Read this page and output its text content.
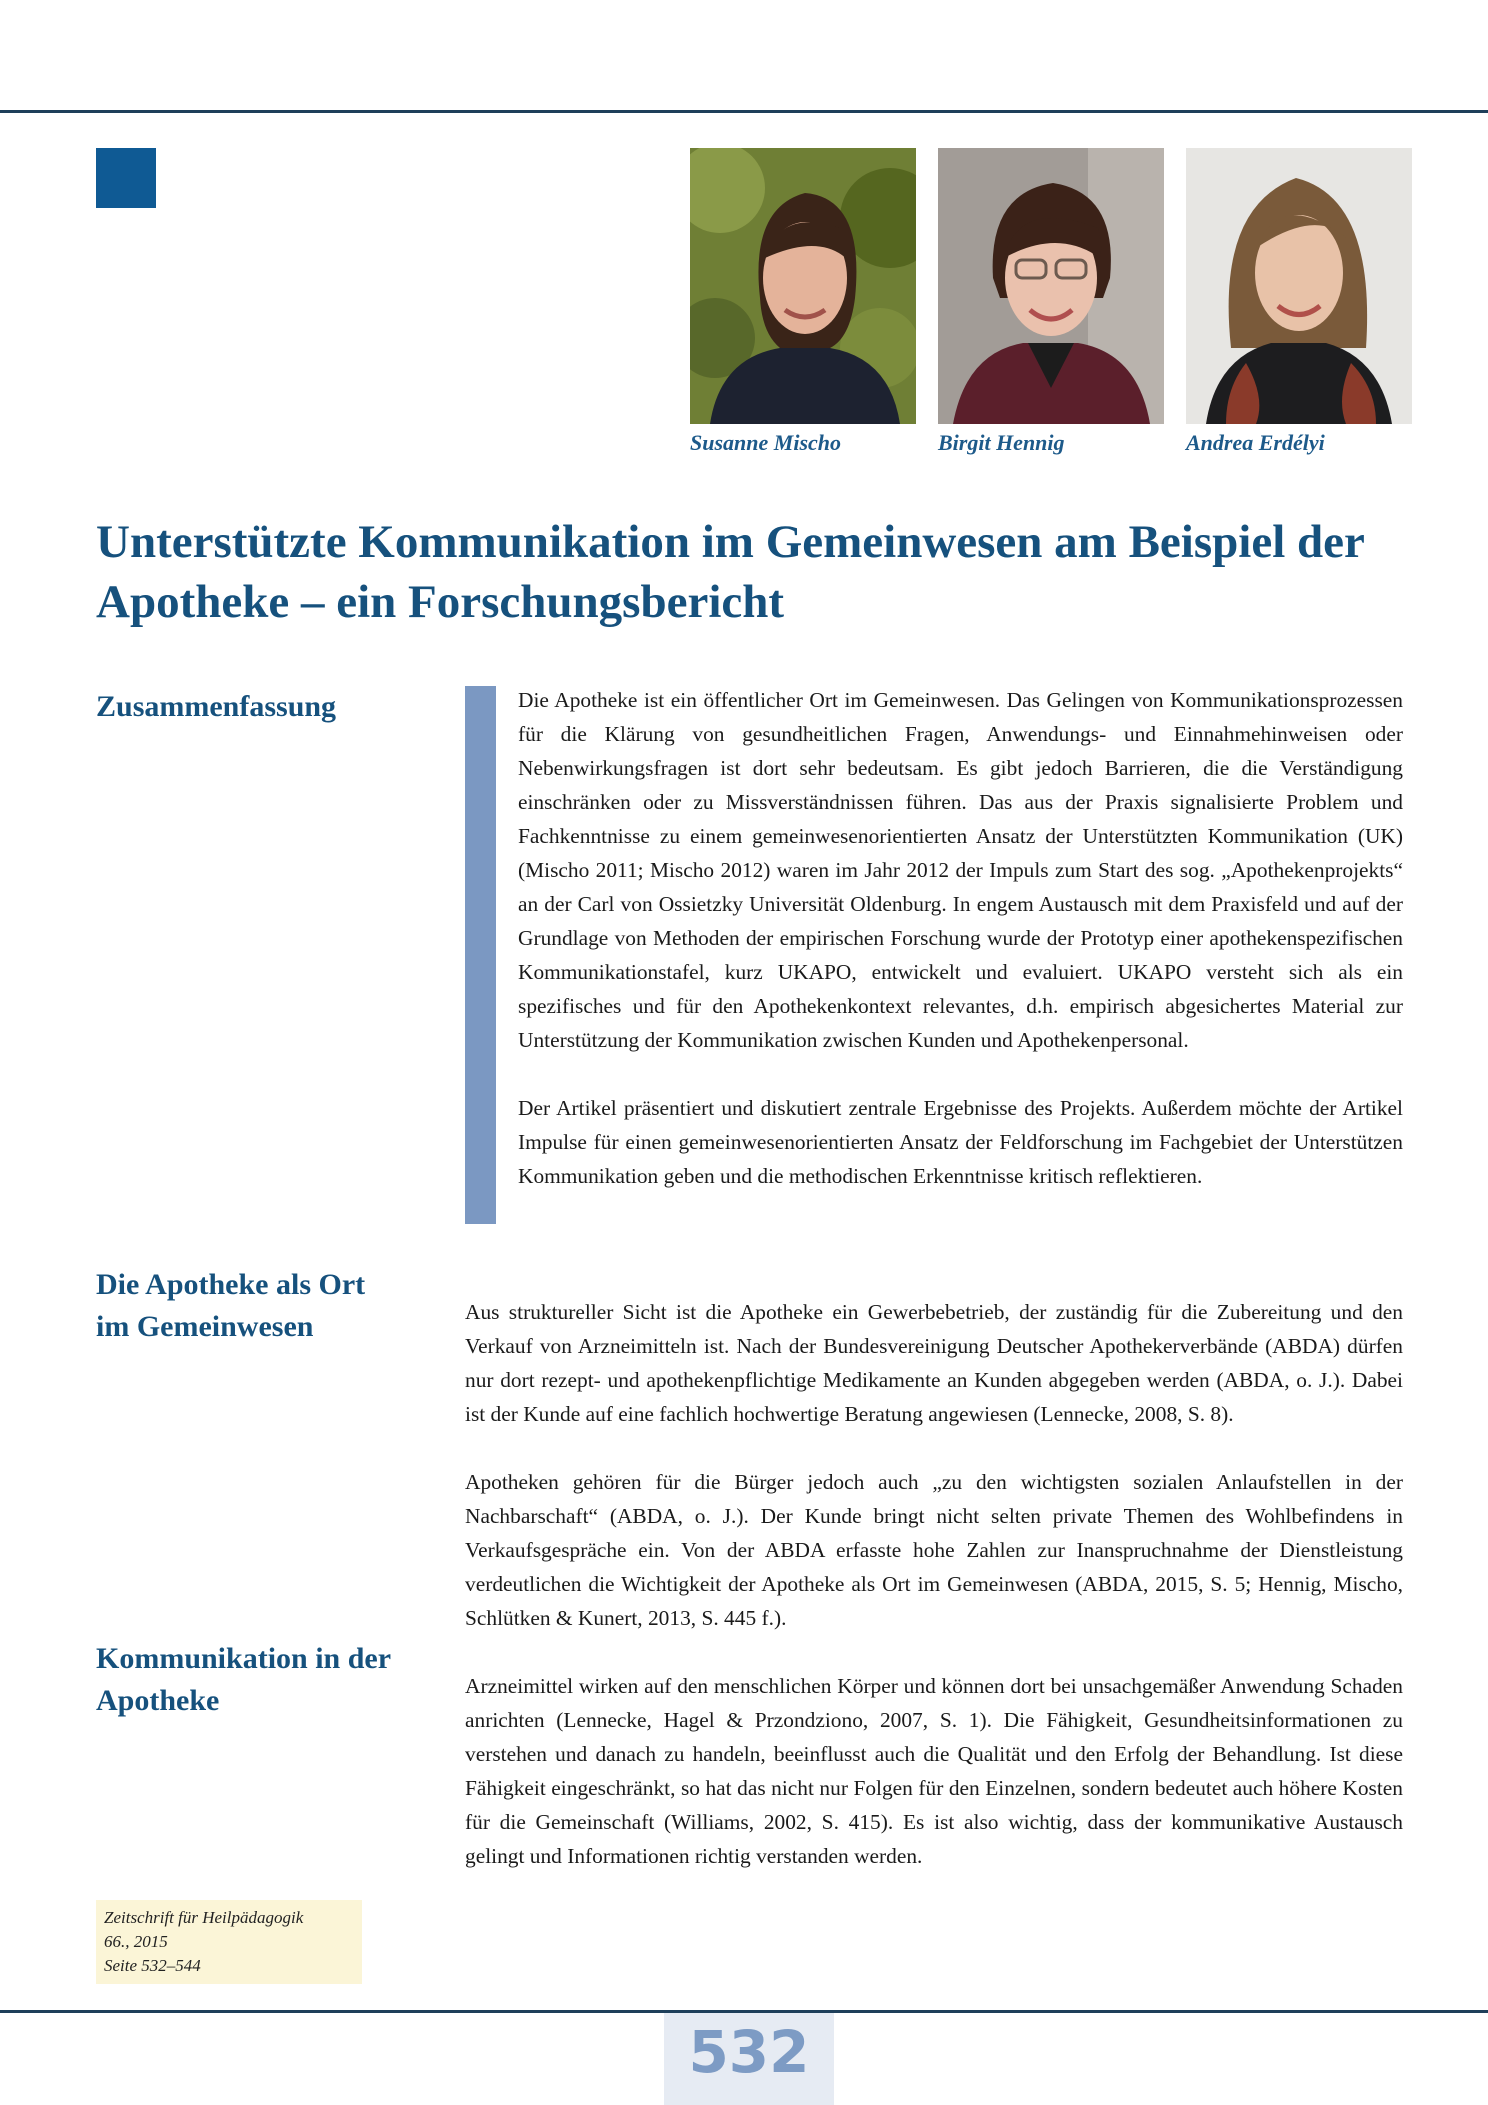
Susanne Mischo	Birgit Hennig	Andrea Erdélyi
Unterstützte Kommunikation im Gemeinwesen am Beispiel der Apotheke – ein Forschungsbericht
Zusammenfassung
Die Apotheke als Ort im Gemeinwesen
Kommunikation in der Apotheke

Die Apotheke ist ein öffentlicher Ort im Gemeinwesen. Das Gelingen von Kommunikationsprozessen für die Klärung von gesundheitlichen Fragen, Anwendungs- und Einnahmehinweisen oder Nebenwirkungsfragen ist dort sehr bedeutsam. Es gibt jedoch Barrieren, die die Verständigung einschränken oder zu Missverständnissen führen. Das aus der Praxis signalisierte Problem und Fachkenntnisse zu einem gemeinwesenorientierten Ansatz der Unterstützten Kommunikation (UK) (Mischo 2011; Mischo 2012) waren im Jahr 2012 der Impuls zum Start des sog. „Apothekenprojekts“ an der Carl von Ossietzky Universität Oldenburg. In engem Austausch mit dem Praxisfeld und auf der Grundlage von Methoden der empirischen Forschung wurde der Prototyp einer apothekenspezifischen Kommunikationstafel, kurz UKAPO, entwickelt und evaluiert. UKAPO versteht sich als ein spezifisches und für den Apothekenkontext relevantes, d.h. empirisch abgesichertes Material zur Unterstützung der Kommunikation zwischen Kunden und Apothekenpersonal.

Der Artikel präsentiert und diskutiert zentrale Ergebnisse des Projekts. Außerdem möchte der Artikel Impulse für einen gemeinwesenorientierten Ansatz der Feldforschung im Fachgebiet der Unterstützen Kommunikation geben und die methodischen Erkenntnisse kritisch reflektieren.

Aus struktureller Sicht ist die Apotheke ein Gewerbebetrieb, der zuständig für die Zubereitung und den Verkauf von Arzneimitteln ist. Nach der Bundesvereinigung Deutscher Apothekerverbände (ABDA) dürfen nur dort rezept- und apothekenpflichtige Medikamente an Kunden abgegeben werden (ABDA, o. J.). Dabei ist der Kunde auf eine fachlich hochwertige Beratung angewiesen (Lennecke, 2008, S. 8).

Apotheken gehören für die Bürger jedoch auch „zu den wichtigsten sozialen Anlaufstellen in der Nachbarschaft“ (ABDA, o. J.). Der Kunde bringt nicht selten private Themen des Wohlbefindens in Verkaufsgespräche ein. Von der ABDA erfasste hohe Zahlen zur Inanspruchnahme der Dienstleistung verdeutlichen die Wichtigkeit der Apotheke als Ort im Gemeinwesen (ABDA, 2015, S. 5; Hennig, Mischo, Schlütken & Kunert, 2013, S. 445 f.).

Arzneimittel wirken auf den menschlichen Körper und können dort bei unsachgemäßer Anwendung Schaden anrichten (Lennecke, Hagel & Przondziono, 2007, S. 1). Die Fähigkeit, Gesundheitsinformationen zu verstehen und danach zu handeln, beeinflusst auch die Qualität und den Erfolg der Behandlung. Ist diese Fähigkeit eingeschränkt, so hat das nicht nur Folgen für den Einzelnen, sondern bedeutet auch höhere Kosten für die Gemeinschaft (Williams, 2002, S. 415). Es ist also wichtig, dass der kommunikative Austausch gelingt und Informationen richtig verstanden werden.

Zeitschrift für Heilpädagogik
66., 2015
Seite 532–544
532
